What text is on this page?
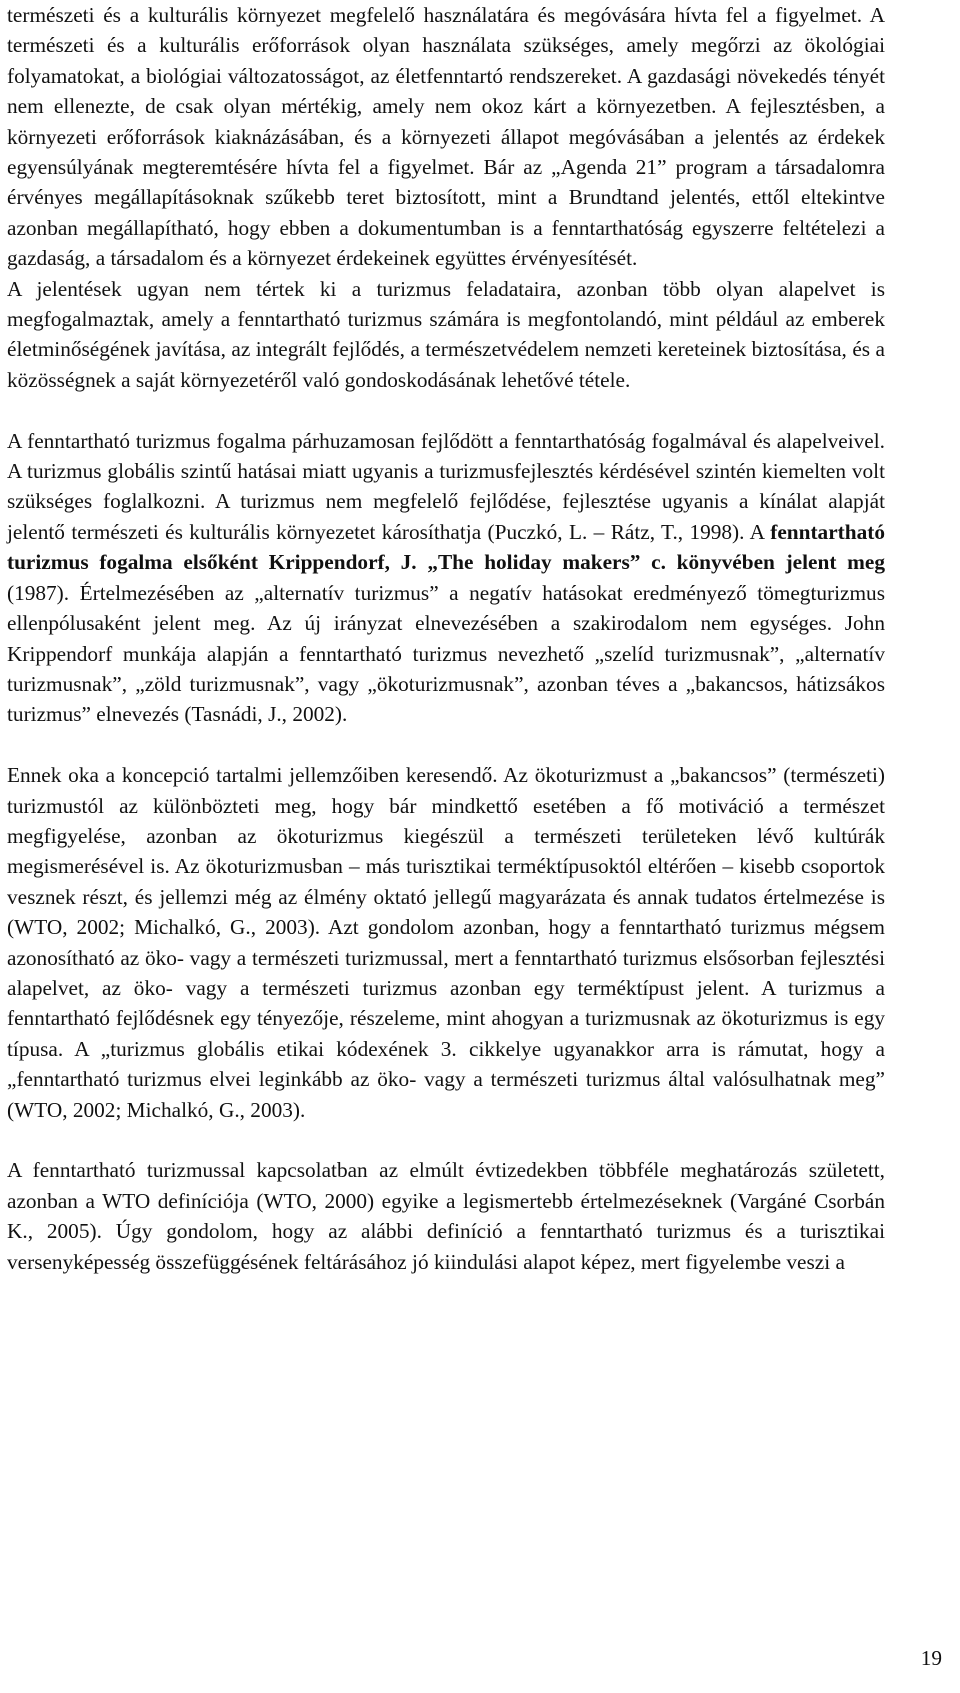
természeti és a kulturális környezet megfelelő használatára és megóvására hívta fel a figyelmet. A természeti és a kulturális erőforrások olyan használata szükséges, amely megőrzi az ökológiai folyamatokat, a biológiai változatosságot, az életfenntartó rendszereket. A gazdasági növekedés tényét nem ellenezte, de csak olyan mértékig, amely nem okoz kárt a környezetben. A fejlesztésben, a környezeti erőforrások kiaknázásában, és a környezeti állapot megóvásában a jelentés az érdekek egyensúlyának megteremtésére hívta fel a figyelmet. Bár az „Agenda 21” program a társadalomra érvényes megállapításoknak szűkebb teret biztosított, mint a Brundtand jelentés, ettől eltekintve azonban megállapítható, hogy ebben a dokumentumban is a fenntarthatóság egyszerre feltételezi a gazdaság, a társadalom és a környezet érdekeinek együttes érvényesítését.

A jelentések ugyan nem tértek ki a turizmus feladataira, azonban több olyan alapelvet is megfogalmaztak, amely a fenntartható turizmus számára is megfontolandó, mint például az emberek életminőségének javítása, az integrált fejlődés, a természetvédelem nemzeti kereteinek biztosítása, és a közösségnek a saját környezetéről való gondoskodásának lehetővé tétele.

A fenntartható turizmus fogalma párhuzamosan fejlődött a fenntarthatóság fogalmával és alapelveivel. A turizmus globális szintű hatásai miatt ugyanis a turizmusfejlesztés kérdésével szintén kiemelten volt szükséges foglalkozni. A turizmus nem megfelelő fejlődése, fejlesztése ugyanis a kínálat alapját jelentő természeti és kulturális környezetet károsíthatja (Puczkó, L. – Rátz, T., 1998). A fenntartható turizmus fogalma elsőként Krippendorf, J. „The holiday makers” c. könyvében jelent meg (1987). Értelmezésében az „alternatív turizmus” a negatív hatásokat eredményező tömegturizmus ellenpólusaként jelent meg. Az új irányzat elnevezésében a szakirodalom nem egységes. John Krippendorf munkája alapján a fenntartható turizmus nevezhető „szelíd turizmusnak”, „alternatív turizmusnak”, „zöld turizmusnak”, vagy „ökoturizmusnak”, azonban téves a „bakancsos, hátizsákos turizmus” elnevezés (Tasnádi, J., 2002).

Ennek oka a koncepció tartalmi jellemzőiben keresendő. Az ökoturizmust a „bakancsos” (természeti) turizmustól az különbözteti meg, hogy bár mindkettő esetében a fő motiváció a természet megfigyelése, azonban az ökoturizmus kiegészül a természeti területeken lévő kultúrák megismerésével is. Az ökoturizmusban – más turisztikai terméktípusoktól eltérően – kisebb csoportok vesznek részt, és jellemzi még az élmény oktató jellegű magyarázata és annak tudatos értelmezése is (WTO, 2002; Michalkó, G., 2003). Azt gondolom azonban, hogy a fenntartható turizmus mégsem azonosítható az öko- vagy a természeti turizmussal, mert a fenntartható turizmus elsősorban fejlesztési alapelvet, az öko- vagy a természeti turizmus azonban egy terméktípust jelent. A turizmus a fenntartható fejlődésnek egy tényezője, részeleme, mint ahogyan a turizmusnak az ökoturizmus is egy típusa. A „turizmus globális etikai kódexének 3. cikkelye ugyanakkor arra is rámutat, hogy a „fenntartható turizmus elvei leginkább az öko- vagy a természeti turizmus által valósulhatnak meg” (WTO, 2002; Michalkó, G., 2003).

A fenntartható turizmussal kapcsolatban az elmúlt évtizedekben többféle meghatározás született, azonban a WTO definíciója (WTO, 2000) egyike a legismertebb értelmezéseknek (Vargáné Csorbán K., 2005). Úgy gondolom, hogy az alábbi definíció a fenntartható turizmus és a turisztikai versenyképesség összefüggésének feltárásához jó kiindulási alapot képez, mert figyelembe veszi a

19
